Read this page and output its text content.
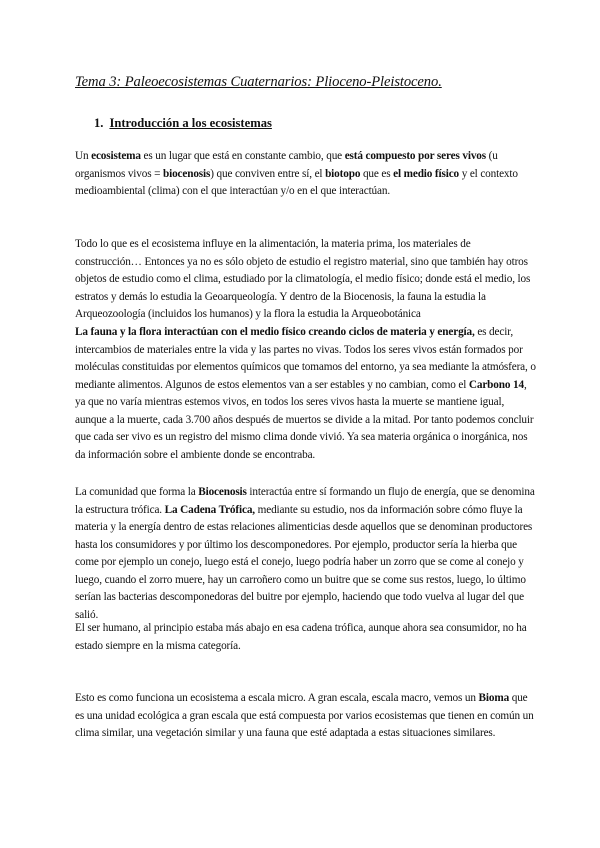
Tema 3: Paleoecosistemas Cuaternarios: Plioceno-Pleistoceno.
1. Introducción a los ecosistemas

Un ecosistema es un lugar que está en constante cambio, que está compuesto por seres vivos (u organismos vivos = biocenosis) que conviven entre sí, el biotopo que es el medio físico y el contexto medioambiental (clima) con el que interactúan y/o en el que interactúan.

Todo lo que es el ecosistema influye en la alimentación, la materia prima, los materiales de construcción… Entonces ya no es sólo objeto de estudio el registro material, sino que también hay otros objetos de estudio como el clima, estudiado por la climatología, el medio físico; donde está el medio, los estratos y demás lo estudia la Geoarqueología. Y dentro de la Biocenosis, la fauna la estudia la Arqueozoología (incluidos los humanos) y la flora la estudia la Arqueobotánica

La fauna y la flora interactúan con el medio físico creando ciclos de materia y energía, es decir, intercambios de materiales entre la vida y las partes no vivas. Todos los seres vivos están formados por moléculas constituidas por elementos químicos que tomamos del entorno, ya sea mediante la atmósfera, o mediante alimentos. Algunos de estos elementos van a ser estables y no cambian, como el Carbono 14, ya que no varía mientras estemos vivos, en todos los seres vivos hasta la muerte se mantiene igual, aunque a la muerte, cada 3.700 años después de muertos se divide a la mitad. Por tanto podemos concluir que cada ser vivo es un registro del mismo clima donde vivió. Ya sea materia orgánica o inorgánica, nos da información sobre el ambiente donde se encontraba.

La comunidad que forma la Biocenosis interactúa entre sí formando un flujo de energía, que se denomina la estructura trófica. La Cadena Trófica, mediante su estudio, nos da información sobre cómo fluye la materia y la energía dentro de estas relaciones alimenticias desde aquellos que se denominan productores hasta los consumidores y por último los descomponedores. Por ejemplo, productor sería la hierba que come por ejemplo un conejo, luego está el conejo, luego podría haber un zorro que se come al conejo y luego, cuando el zorro muere, hay un carroñero como un buitre que se come sus restos, luego, lo último serían las bacterias descomponedoras del buitre por ejemplo, haciendo que todo vuelva al lugar del que salió.

El ser humano, al principio estaba más abajo en esa cadena trófica, aunque ahora sea consumidor, no ha estado siempre en la misma categoría.

Esto es como funciona un ecosistema a escala micro. A gran escala, escala macro, vemos un Bioma que es una unidad ecológica a gran escala que está compuesta por varios ecosistemas que tienen en común un clima similar, una vegetación similar y una fauna que esté adaptada a estas situaciones similares.
